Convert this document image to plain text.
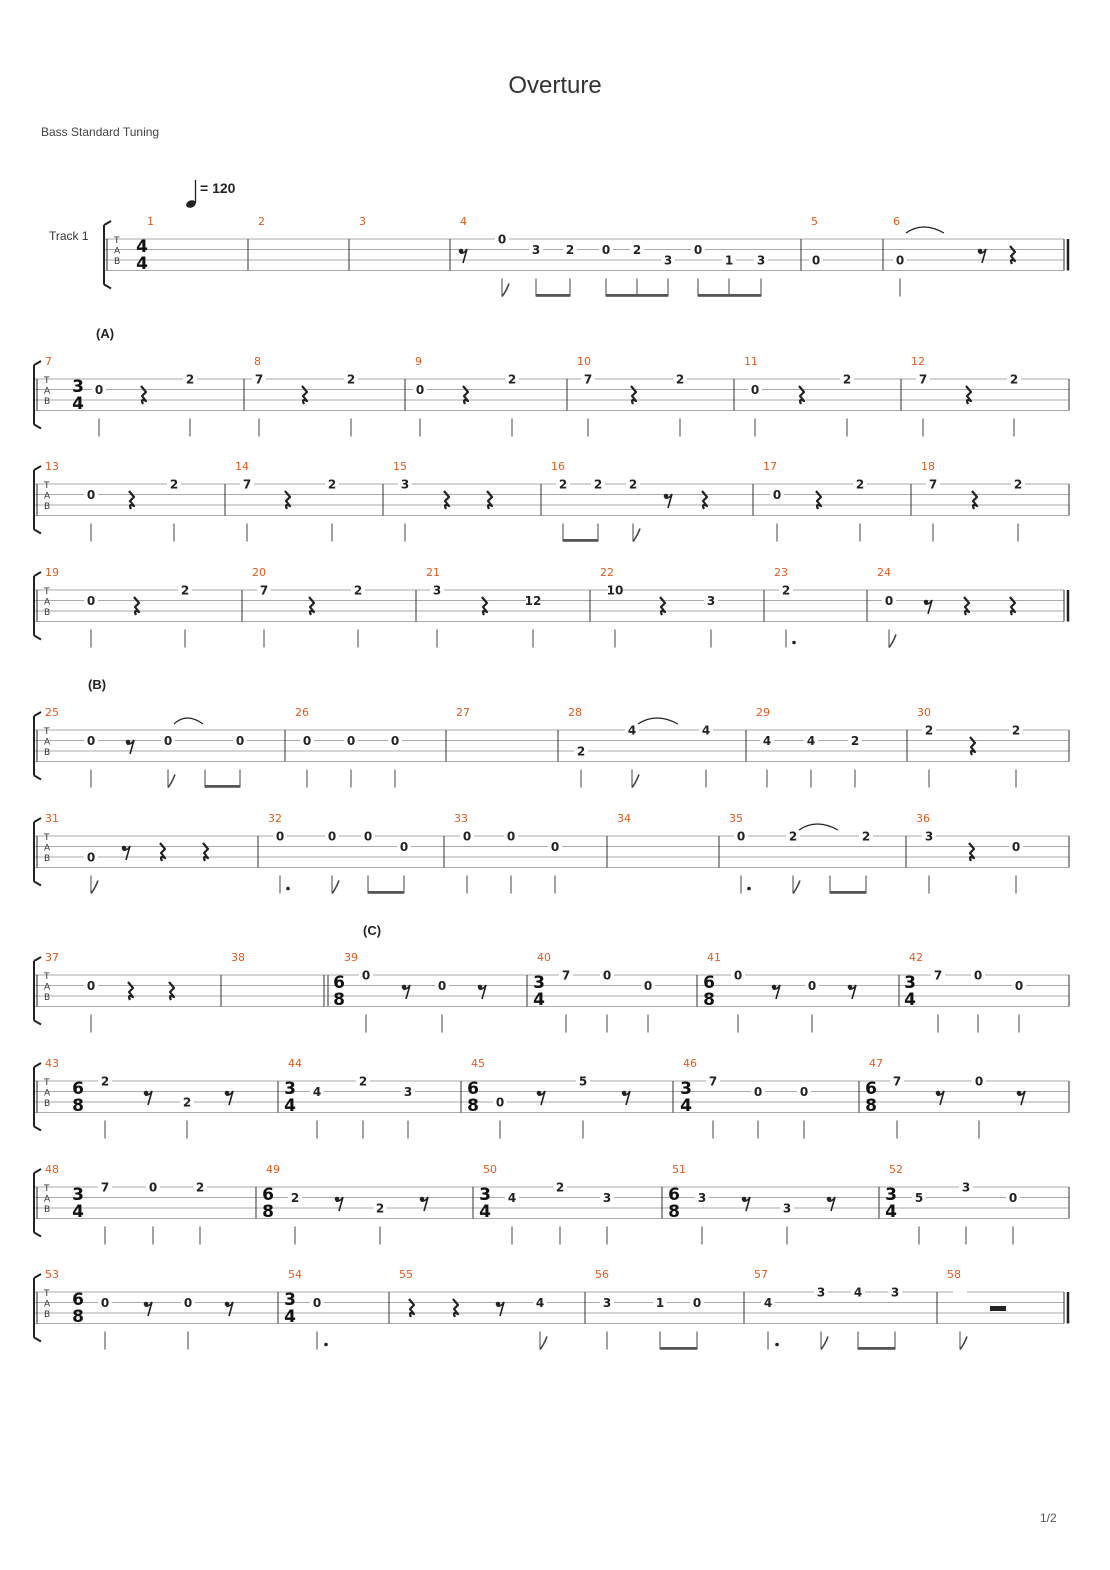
Overture
Bass Standard Tuning
= 120
Track 1
(A)
(B)
(C)
1/2
T
A
B
1	2	3	4	5	6
T
A
B
7	8	9	10	11	12
T
A
B
13	14	15	16	17	18
T
A
B
19	20	21	22	23	24
T
A
B
25	26	27	28	29	30
T
A
B
31	32	33	34	35	36
T
A
B
37	38	39	40	41	42
T
A
B
43	44	45	46	47
T
A
B
48	49	50	51	52
T
A
B
53	54	55	56	57	58
4
4
3
4
6
8
3
4
6
8
3
4
6
8
3
4
6
8
3
4
6
8
3
4
6
8
3
4
6
8
3
4
6
8
3
4
0
3 2 0 2
3
0
1 3	0	0
0
2	7	2
0
2	7	2
0
2	7	2
0
2	7	2	3	2 2 2
0
2	7	2
0
2	7	2	3
12
10
3
2
0
0	0	0	0	0	0
2
4	4
4	4	2
2	2
0
0	0 0
0
0	0
0
0	2	2	3
0
0
0
0
7	0
0
0
0
7	0
0
2
2
4
2
3
0
5	7
0	0
7	0
7	0	2
2
2
4
2
3	3
3
5
3
0
0	0	0	4	3	1 0	4
3 4 3
